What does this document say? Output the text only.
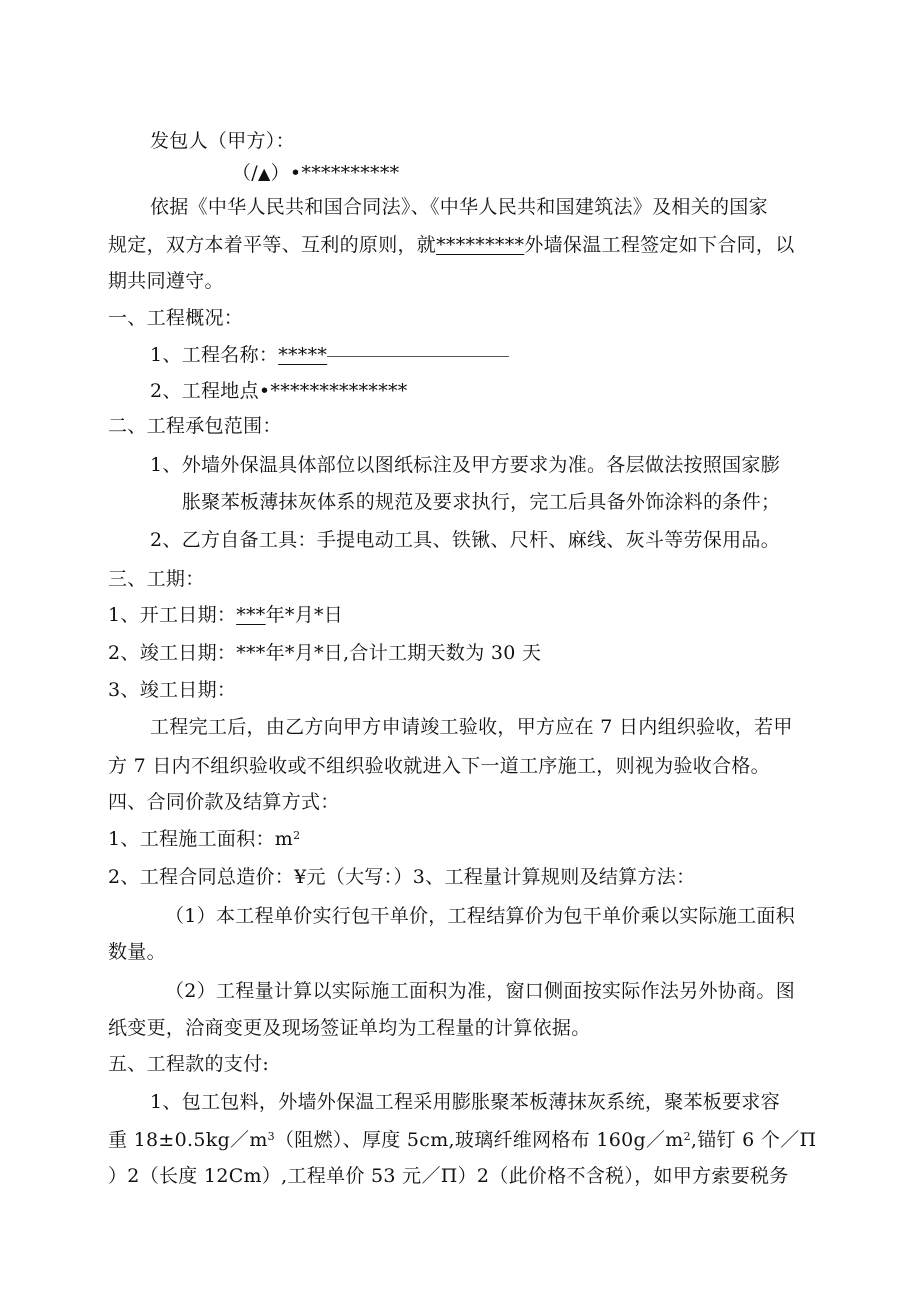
发包人（甲方）：
（/▲）•**********
依据《中华人民共和国合同法》、《中华人民共和国建筑法》及相关的国家
规定，双方本着平等、互利的原则，就*********外墙保温工程签定如下合同，以
期共同遵守。
一、工程概况：
1、工程名称：*****
2、工程地点•**************
二、工程承包范围：
1、外墙外保温具体部位以图纸标注及甲方要求为准。各层做法按照国家膨
胀聚苯板薄抹灰体系的规范及要求执行，完工后具备外饰涂料的条件；
2、乙方自备工具：手提电动工具、铁锹、尺杆、麻线、灰斗等劳保用品。
三、工期：
1、开工日期：***年*月*日
2、竣工日期：***年*月*日,合计工期天数为 30 天
3、竣工日期：
工程完工后，由乙方向甲方申请竣工验收，甲方应在 7 日内组织验收，若甲
方 7 日内不组织验收或不组织验收就进入下一道工序施工，则视为验收合格。
四、合同价款及结算方式：
1、工程施工面积：$m^2$
2、工程合同总造价：¥元（大写：）3、工程量计算规则及结算方法：
（1）本工程单价实行包干单价，工程结算价为包干单价乘以实际施工面积
数量。
（2）工程量计算以实际施工面积为准，窗口侧面按实际作法另外协商。图
纸变更，洽商变更及现场签证单均为工程量的计算依据。
五、工程款的支付:
1、包工包料，外墙外保温工程采用膨胀聚苯板薄抹灰系统，聚苯板要求容
重 $18\pm 0.5kg/m^3$（阻燃）、厚度 5cm,玻璃纤维网格布 $160g/m^2$,锚钉 6 个／Π
）2（长度 12Cm）,工程单价 53 元／Π）2（此价格不含税），如甲方索要税务
